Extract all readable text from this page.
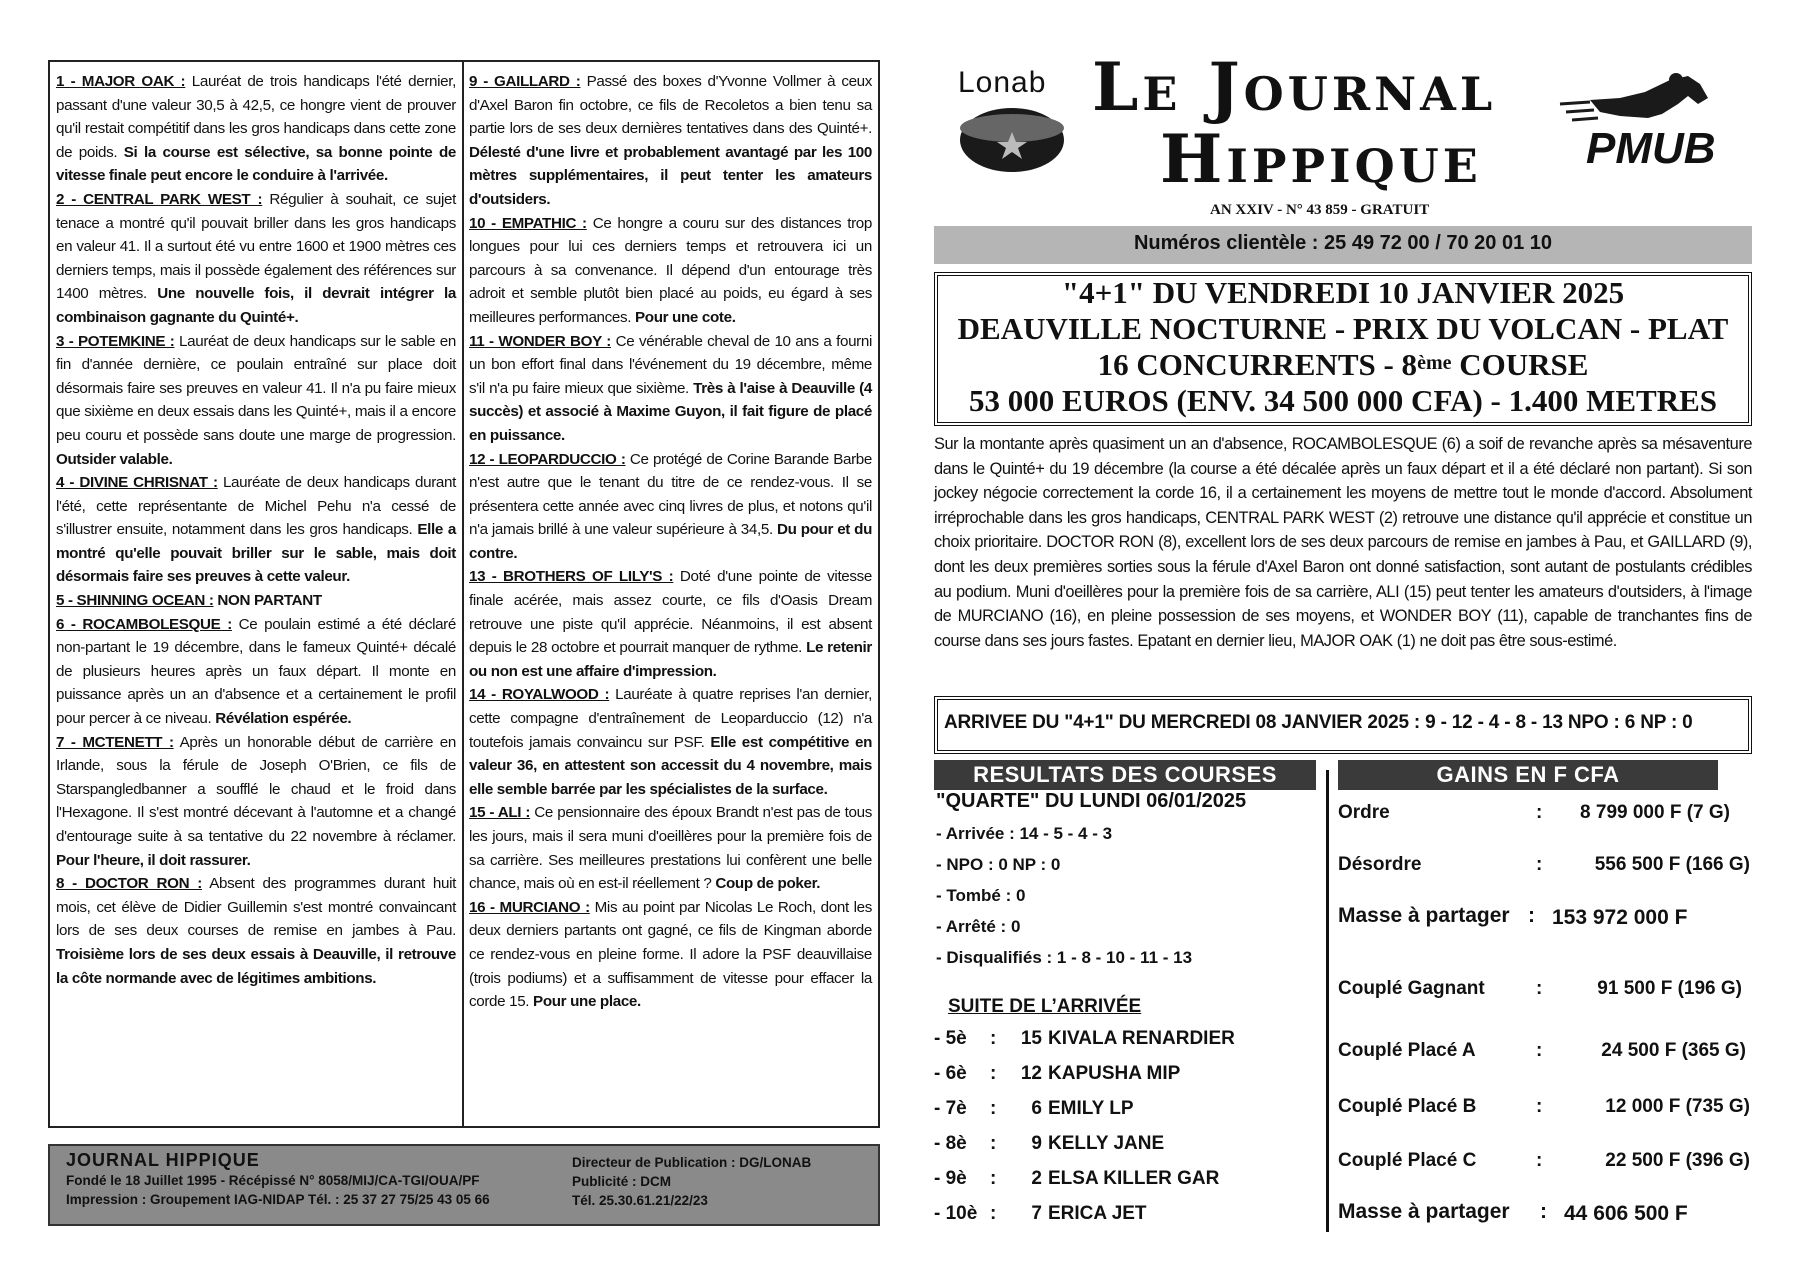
1 - MAJOR OAK : Lauréat de trois handicaps l'été dernier, passant d'une valeur 30,5 à 42,5, ce hongre vient de prouver qu'il restait compétitif dans les gros handicaps dans cette zone de poids. Si la course est sélective, sa bonne pointe de vitesse finale peut encore le conduire à l'arrivée.

2 - CENTRAL PARK WEST : Régulier à souhait, ce sujet tenace a montré qu'il pouvait briller dans les gros handicaps en valeur 41. Il a surtout été vu entre 1600 et 1900 mètres ces derniers temps, mais il possède également des références sur 1400 mètres. Une nouvelle fois, il devrait intégrer la combinaison gagnante du Quinté+.

3 - POTEMKINE : Lauréat de deux handicaps sur le sable en fin d'année dernière, ce poulain entraîné sur place doit désormais faire ses preuves en valeur 41. Il n'a pu faire mieux que sixième en deux essais dans les Quinté+, mais il a encore peu couru et possède sans doute une marge de progression. Outsider valable.

4 - DIVINE CHRISNAT : Lauréate de deux handicaps durant l'été, cette représentante de Michel Pehu n'a cessé de s'illustrer ensuite, notamment dans les gros handicaps. Elle a montré qu'elle pouvait briller sur le sable, mais doit désormais faire ses preuves à cette valeur.

5 - SHINNING OCEAN : NON PARTANT

6 - ROCAMBOLESQUE : Ce poulain estimé a été déclaré non-partant le 19 décembre, dans le fameux Quinté+ décalé de plusieurs heures après un faux départ. Il monte en puissance après un an d'absence et a certainement le profil pour percer à ce niveau. Révélation espérée.

7 - MCTENETT : Après un honorable début de carrière en Irlande, sous la férule de Joseph O'Brien, ce fils de Starspangledbanner a soufflé le chaud et le froid dans l'Hexagone. Il s'est montré décevant à l'automne et a changé d'entourage suite à sa tentative du 22 novembre à réclamer. Pour l'heure, il doit rassurer.

8 - DOCTOR RON : Absent des programmes durant huit mois, cet élève de Didier Guillemin s'est montré convaincant lors de ses deux courses de remise en jambes à Pau. Troisième lors de ses deux essais à Deauville, il retrouve la côte normande avec de légitimes ambitions.

9 - GAILLARD : Passé des boxes d'Yvonne Vollmer à ceux d'Axel Baron fin octobre, ce fils de Recoletos a bien tenu sa partie lors de ses deux dernières tentatives dans des Quinté+. Délesté d'une livre et probablement avantagé par les 100 mètres supplémentaires, il peut tenter les amateurs d'outsiders.

10 - EMPATHIC : Ce hongre a couru sur des distances trop longues pour lui ces derniers temps et retrouvera ici un parcours à sa convenance. Il dépend d'un entourage très adroit et semble plutôt bien placé au poids, eu égard à ses meilleures performances. Pour une cote.

11 - WONDER BOY : Ce vénérable cheval de 10 ans a fourni un bon effort final dans l'événement du 19 décembre, même s'il n'a pu faire mieux que sixième. Très à l'aise à Deauville (4 succès) et associé à Maxime Guyon, il fait figure de placé en puissance.

12 - LEOPARDUCCIO : Ce protégé de Corine Barande Barbe n'est autre que le tenant du titre de ce rendez-vous. Il se présentera cette année avec cinq livres de plus, et notons qu'il n'a jamais brillé à une valeur supérieure à 34,5. Du pour et du contre.

13 - BROTHERS OF LILY'S : Doté d'une pointe de vitesse finale acérée, mais assez courte, ce fils d'Oasis Dream retrouve une piste qu'il apprécie. Néanmoins, il est absent depuis le 28 octobre et pourrait manquer de rythme. Le retenir ou non est une affaire d'impression.

14 - ROYALWOOD : Lauréate à quatre reprises l'an dernier, cette compagne d'entraînement de Leoparduccio (12) n'a toutefois jamais convaincu sur PSF. Elle est compétitive en valeur 36, en attestent son accessit du 4 novembre, mais elle semble barrée par les spécialistes de la surface.

15 - ALI : Ce pensionnaire des époux Brandt n'est pas de tous les jours, mais il sera muni d'oeillères pour la première fois de sa carrière. Ses meilleures prestations lui confèrent une belle chance, mais où en est-il réellement ? Coup de poker.

16 - MURCIANO : Mis au point par Nicolas Le Roch, dont les deux derniers partants ont gagné, ce fils de Kingman aborde ce rendez-vous en pleine forme. Il adore la PSF deauvillaise (trois podiums) et a suffisamment de vitesse pour effacer la corde 15. Pour une place.

JOURNAL HIPPIQUE
Fondé le 18 Juillet 1995 - Récépissé N° 8058/MIJ/CA-TGI/OUA/PF
Impression : Groupement IAG-NIDAP Tél. : 25 37 27 75/25 43 05 66
Directeur de Publication : DG/LONAB
Publicité : DCM
Tél. 25.30.61.21/22/23
Lonab Le Journal
Hippique
AN XXIV - N° 43 859 - GRATUIT
PMUB
Numéros clientèle : 25 49 72 00 / 70 20 01 10
"4+1" DU VENDREDI 10 JANVIER 2025
DEAUVILLE NOCTURNE - PRIX DU VOLCAN - PLAT
16 CONCURRENTS - 8ème COURSE
53 000 EUROS (ENV. 34 500 000 CFA) - 1.400 METRES
Sur la montante après quasiment un an d'absence, ROCAMBOLESQUE (6) a soif de revanche après sa mésaventure dans le Quinté+ du 19 décembre (la course a été décalée après un faux départ et il a été déclaré non partant). Si son jockey négocie correctement la corde 16, il a certainement les moyens de mettre tout le monde d'accord. Absolument irréprochable dans les gros handicaps, CENTRAL PARK WEST (2) retrouve une distance qu'il apprécie et constitue un choix prioritaire. DOCTOR RON (8), excellent lors de ses deux parcours de remise en jambes à Pau, et GAILLARD (9), dont les deux premières sorties sous la férule d'Axel Baron ont donné satisfaction, sont autant de postulants crédibles au podium. Muni d'oeillères pour la première fois de sa carrière, ALI (15) peut tenter les amateurs d'outsiders, à l'image de MURCIANO (16), en pleine possession de ses moyens, et WONDER BOY (11), capable de tranchantes fins de course dans ses jours fastes. Epatant en dernier lieu, MAJOR OAK (1) ne doit pas être sous-estimé.
ARRIVEE DU "4+1" DU MERCREDI 08 JANVIER 2025 : 9 - 12 - 4 - 8 - 13 NPO : 6 NP : 0
RESULTATS DES COURSES	GAINS EN F CFA
"QUARTE" DU LUNDI 06/01/2025
- Arrivée : 14 - 5 - 4 - 3
- NPO : 0 NP : 0
- Tombé : 0
- Arrêté : 0
- Disqualifiés : 1 - 8 - 10 - 11 - 13
SUITE DE L’ARRIVÉE
- 5è :	15 KIVALA RENARDIER
- 6è :	12 KAPUSHA MIP
- 7è :	6 EMILY LP
- 8è :	9 KELLY JANE
- 9è :	2 ELSA KILLER GAR
- 10è :	7 ERICA JET
Ordre	:	8 799 000 F (7 G)
Désordre	:	556 500 F (166 G)
Masse à partager : 153 972 000 F
Couplé Gagnant	:	91 500 F (196 G)
Couplé Placé A	:	24 500 F (365 G)
Couplé Placé B	:	12 000 F (735 G)
Couplé Placé C	:	22 500 F (396 G)
Masse à partager : 44 606 500 F
